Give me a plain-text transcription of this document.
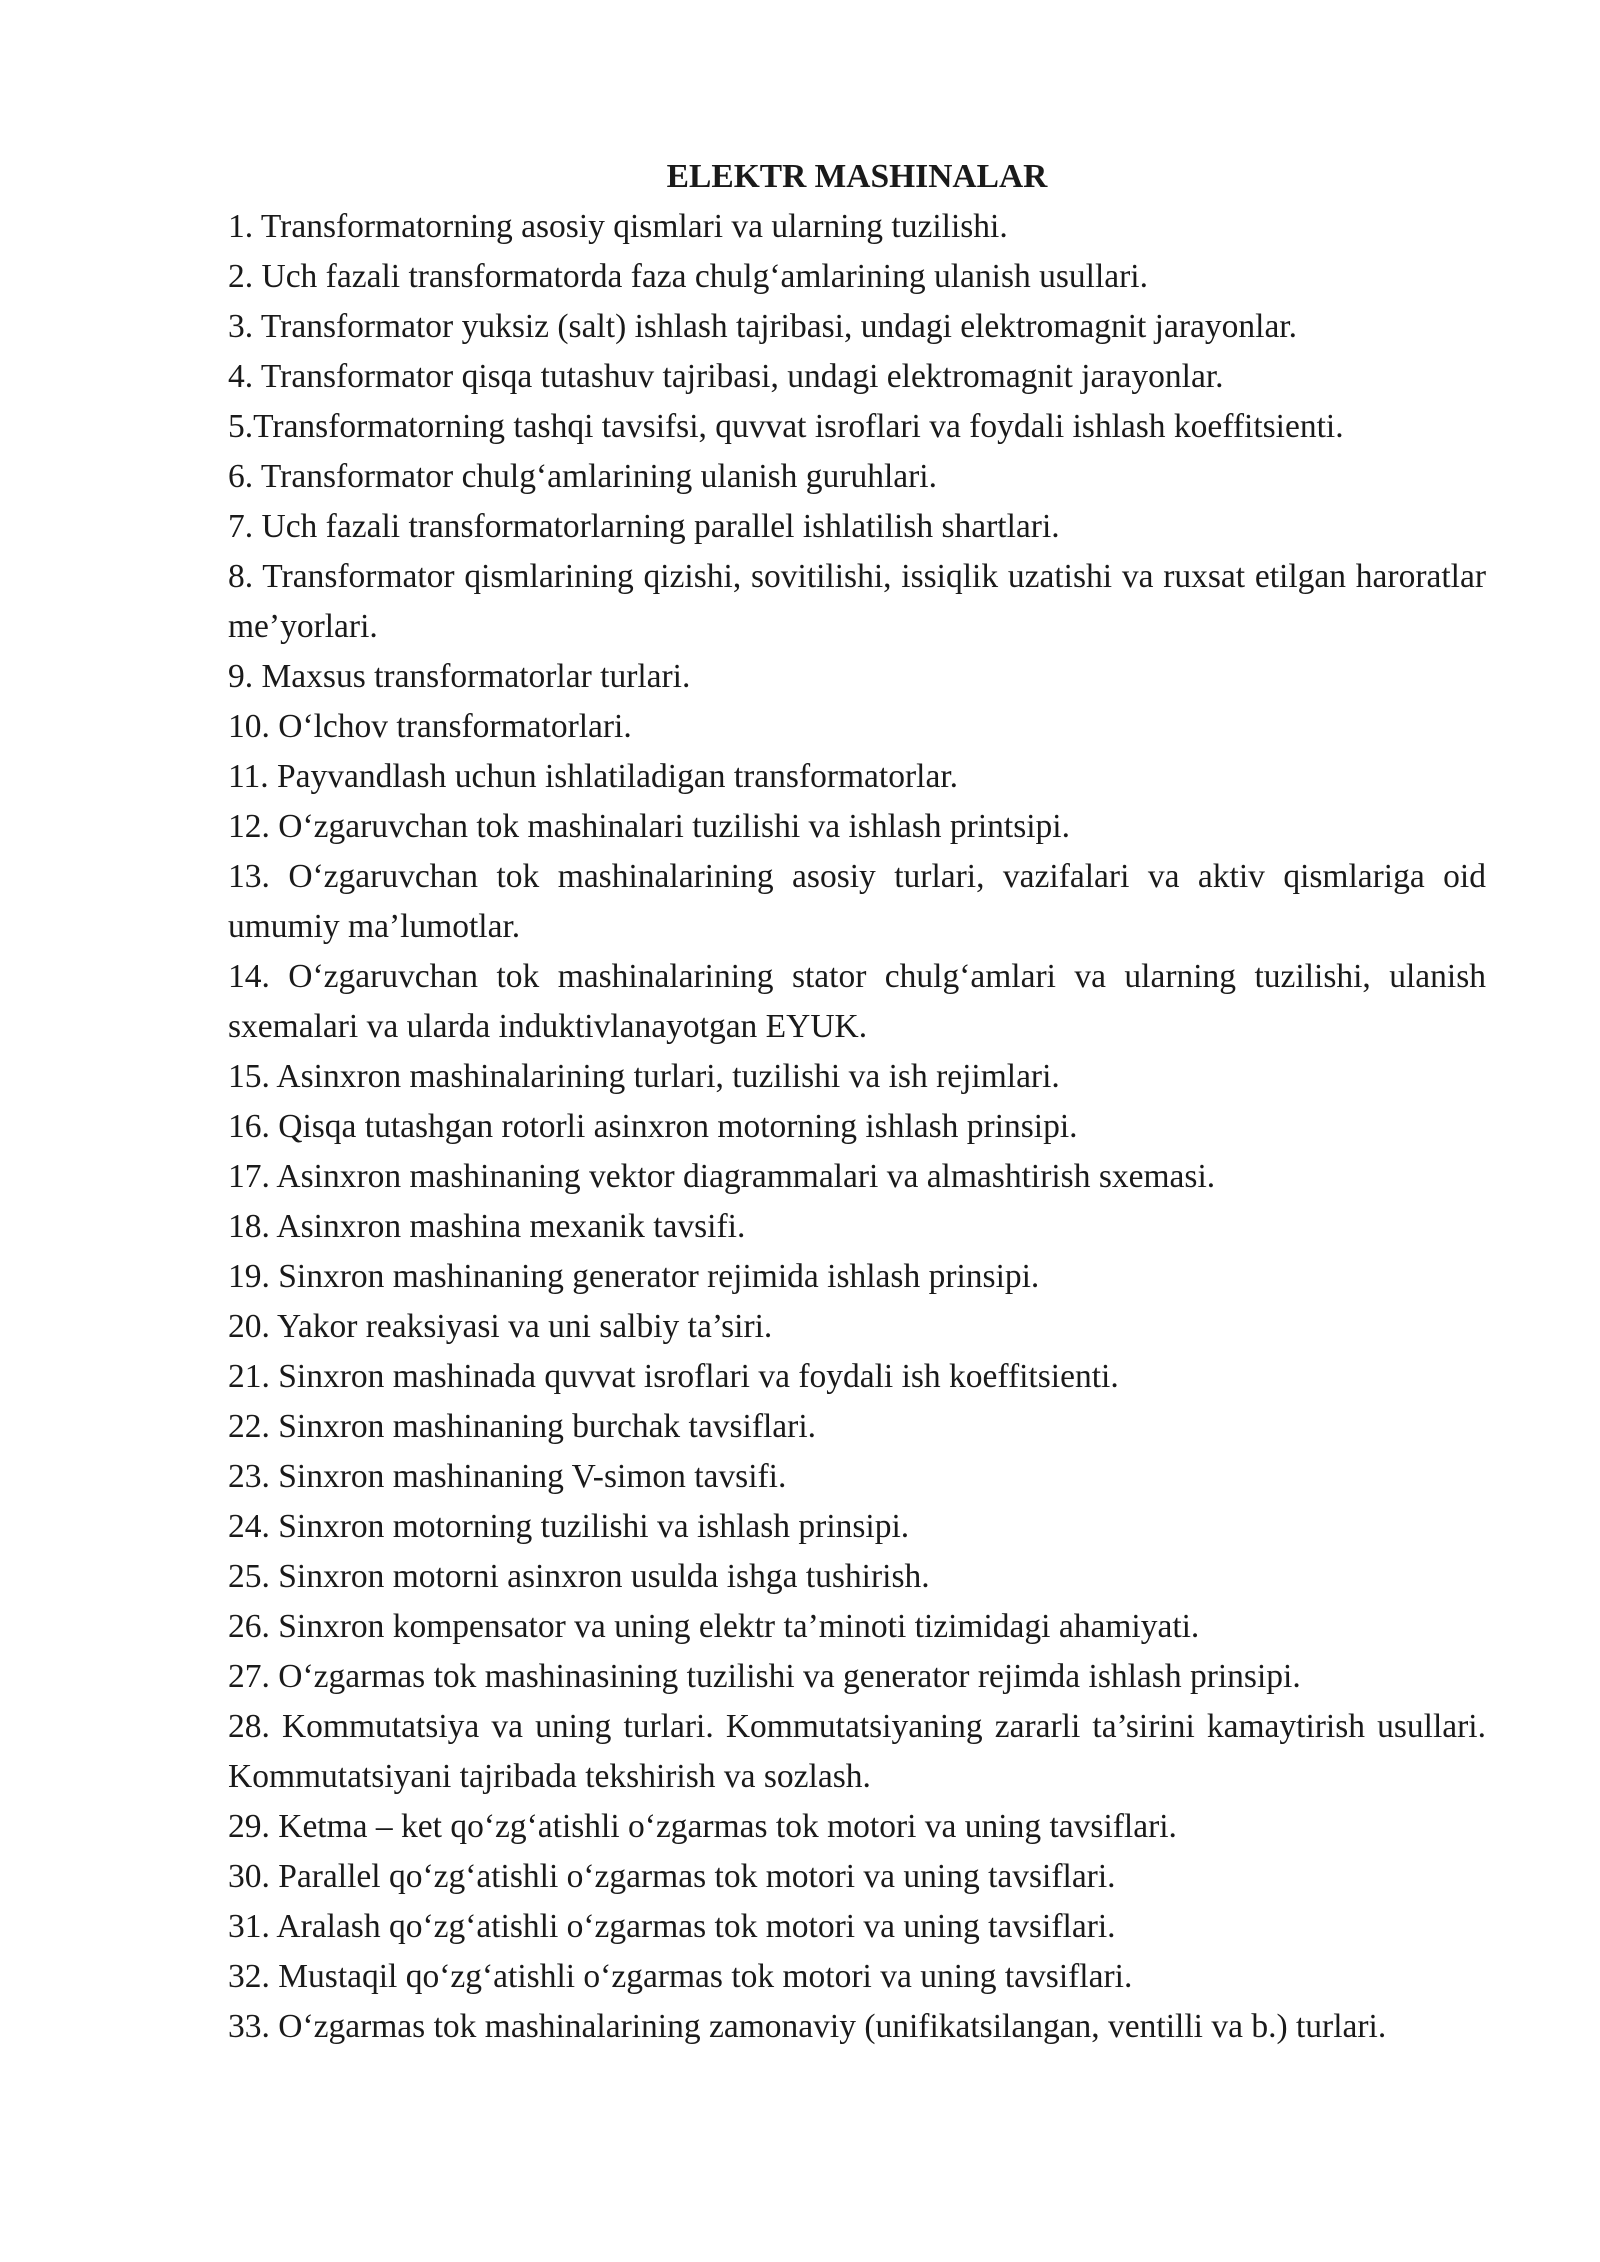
ELEKTR MASHINALAR
1. Transformatorning asosiy qismlari va ularning tuzilishi.
2. Uch fazali transformatorda faza chulg‘amlarining ulanish usullari.
3. Transformator yuksiz (salt) ishlash tajribasi, undagi elektromagnit jarayonlar.
4. Transformator qisqa tutashuv tajribasi, undagi elektromagnit jarayonlar.
5.Transformatorning tashqi tavsifsi, quvvat isroflari va foydali ishlash koeffitsienti.
6. Transformator chulg‘amlarining ulanish guruhlari.
7. Uch fazali transformatorlarning parallel ishlatilish shartlari.
8. Transformator qismlarining qizishi, sovitilishi, issiqlik uzatishi va ruxsat etilgan haroratlar me’yorlari.
9. Maxsus transformatorlar turlari.
10. O‘lchov transformatorlari.
11. Payvandlash uchun ishlatiladigan transformatorlar.
12. O‘zgaruvchan tok mashinalari tuzilishi va ishlash printsipi.
13. O‘zgaruvchan tok mashinalarining asosiy turlari, vazifalari va aktiv qismlariga oid umumiy ma’lumotlar.
14. O‘zgaruvchan tok mashinalarining stator chulg‘amlari va ularning tuzilishi, ulanish sxemalari va ularda induktivlanayotgan EYUK.
15. Asinxron mashinalarining turlari, tuzilishi va ish rejimlari.
16. Qisqa tutashgan rotorli asinxron motorning ishlash prinsipi.
17. Asinxron mashinaning vektor diagrammalari va almashtirish sxemasi.
18. Asinxron mashina mexanik tavsifi.
19. Sinxron mashinaning generator rejimida ishlash prinsipi.
20. Yakor reaksiyasi va uni salbiy ta’siri.
21. Sinxron mashinada quvvat isroflari va foydali ish koeffitsienti.
22. Sinxron mashinaning burchak tavsiflari.
23. Sinxron mashinaning V-simon tavsifi.
24. Sinxron motorning tuzilishi va ishlash prinsipi.
25. Sinxron motorni asinxron usulda ishga tushirish.
26. Sinxron kompensator va uning elektr ta’minoti tizimidagi ahamiyati.
27. O‘zgarmas tok mashinasining tuzilishi va generator rejimda ishlash prinsipi.
28. Kommutatsiya va uning turlari. Kommutatsiyaning zararli ta’sirini kamaytirish usullari. Kommutatsiyani tajribada tekshirish va sozlash.
29. Ketma – ket qo‘zg‘atishli o‘zgarmas tok motori va uning tavsiflari.
30. Parallel qo‘zg‘atishli o‘zgarmas tok motori va uning tavsiflari.
31. Aralash qo‘zg‘atishli o‘zgarmas tok motori va uning tavsiflari.
32. Mustaqil qo‘zg‘atishli o‘zgarmas tok motori va uning tavsiflari.
33. O‘zgarmas tok mashinalarining zamonaviy (unifikatsilangan, ventilli va b.) turlari.
